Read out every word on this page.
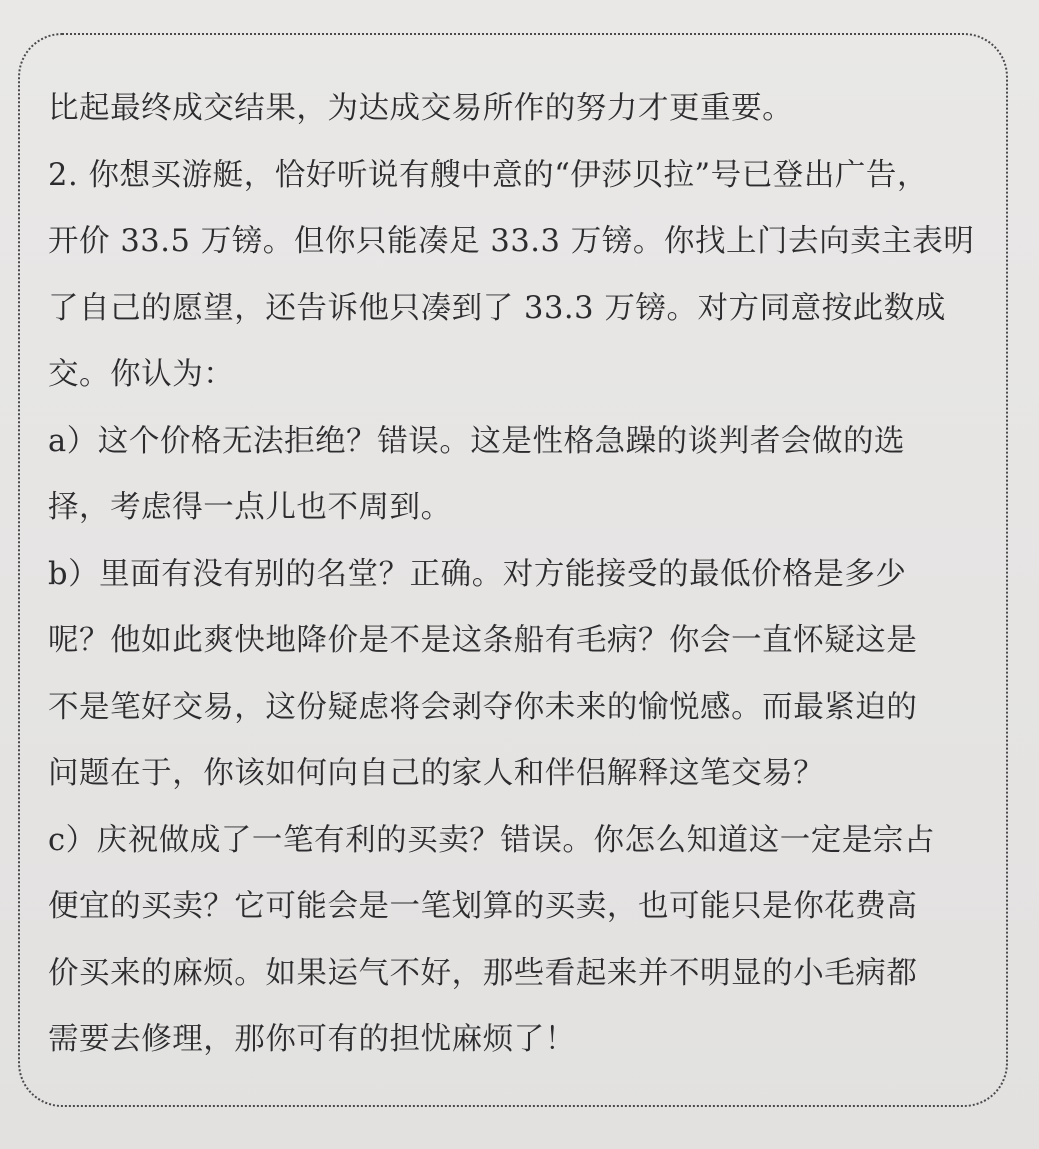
比起最终成交结果，为达成交易所作的努力才更重要。
2. 你想买游艇，恰好听说有艘中意的“伊莎贝拉”号已登出广告，
开价 33.5 万镑。但你只能凑足 33.3 万镑。你找上门去向卖主表明
了自己的愿望，还告诉他只凑到了 33.3 万镑。对方同意按此数成
交。你认为：
a）这个价格无法拒绝？错误。这是性格急躁的谈判者会做的选
择，考虑得一点儿也不周到。
b）里面有没有别的名堂？正确。对方能接受的最低价格是多少
呢？他如此爽快地降价是不是这条船有毛病？你会一直怀疑这是
不是笔好交易，这份疑虑将会剥夺你未来的愉悦感。而最紧迫的
问题在于，你该如何向自己的家人和伴侣解释这笔交易？
c）庆祝做成了一笔有利的买卖？错误。你怎么知道这一定是宗占
便宜的买卖？它可能会是一笔划算的买卖，也可能只是你花费高
价买来的麻烦。如果运气不好，那些看起来并不明显的小毛病都
需要去修理，那你可有的担忧麻烦了！
